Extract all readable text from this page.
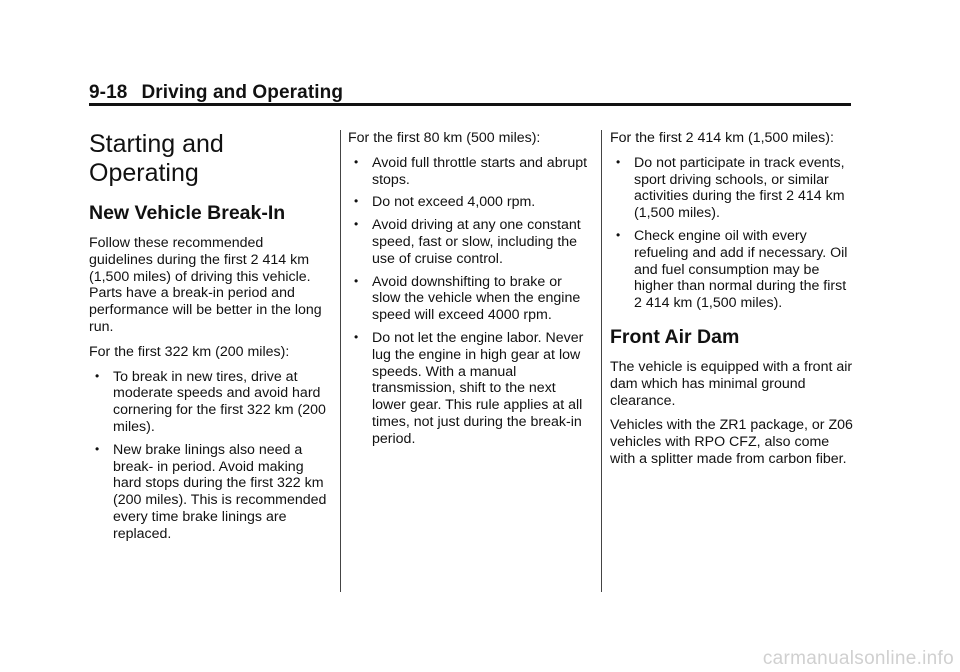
9-18 Driving and Operating
Starting and Operating
New Vehicle Break-In

Follow these recommended guidelines during the first 2 414 km (1,500 miles) of driving this vehicle. Parts have a break-in period and performance will be better in the long run.

For the first 322 km (200 miles):

• To break in new tires, drive at moderate speeds and avoid hard cornering for the first 322 km (200 miles).
• New brake linings also need a break- in period. Avoid making hard stops during the first 322 km (200 miles). This is recommended every time brake linings are replaced.

For the first 80 km (500 miles):

• Avoid full throttle starts and abrupt stops.
• Do not exceed 4,000 rpm.
• Avoid driving at any one constant speed, fast or slow, including the use of cruise control.
• Avoid downshifting to brake or slow the vehicle when the engine speed will exceed 4000 rpm.
• Do not let the engine labor. Never lug the engine in high gear at low speeds. With a manual transmission, shift to the next lower gear. This rule applies at all times, not just during the break-in period.

For the first 2 414 km (1,500 miles):

• Do not participate in track events, sport driving schools, or similar activities during the first 2 414 km (1,500 miles).
• Check engine oil with every refueling and add if necessary. Oil and fuel consumption may be higher than normal during the first 2 414 km (1,500 miles).
Front Air Dam

The vehicle is equipped with a front air dam which has minimal ground clearance.

Vehicles with the ZR1 package, or Z06 vehicles with RPO CFZ, also come with a splitter made from carbon fiber.

carmanualsonline.info
